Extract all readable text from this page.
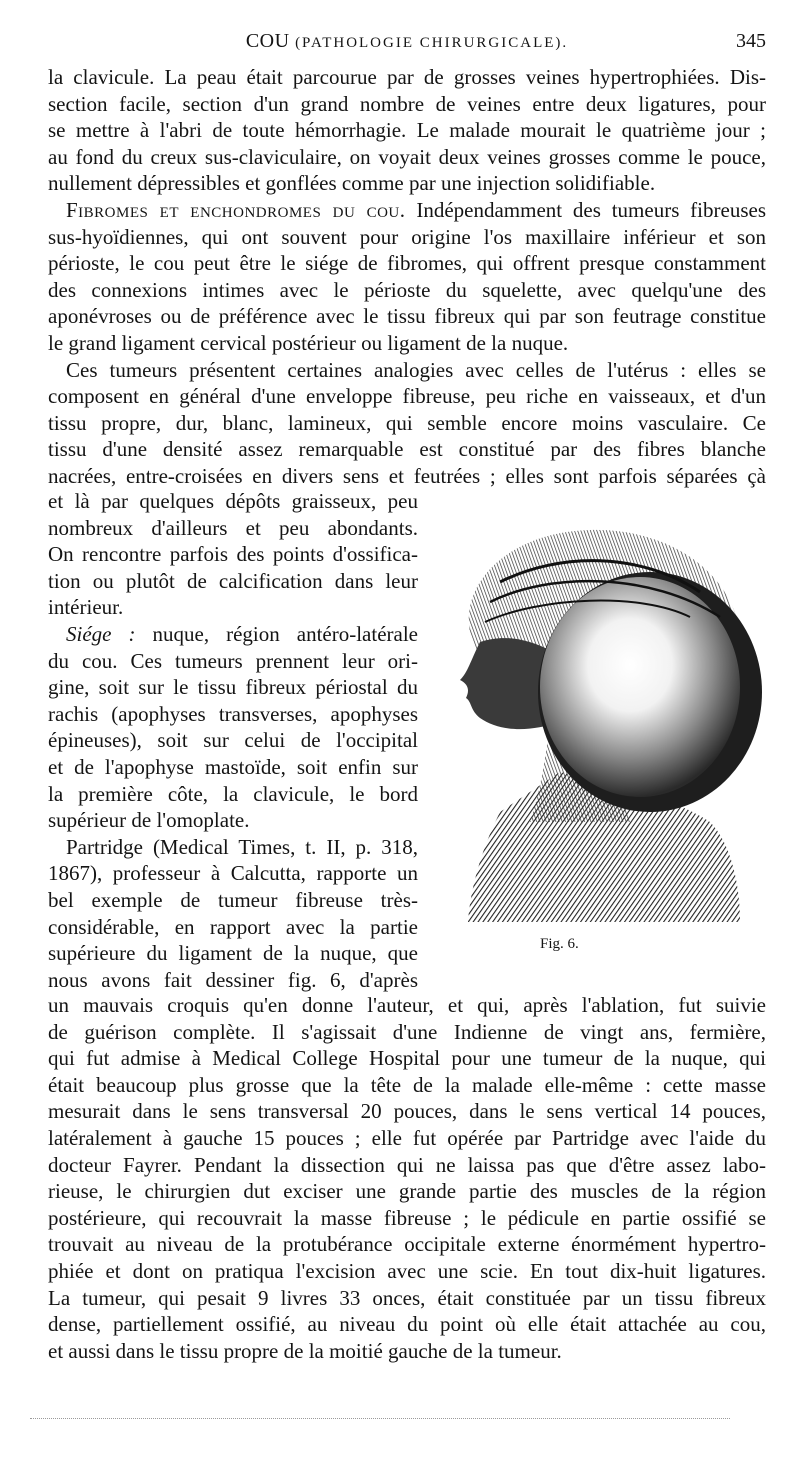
COU (PATHOLOGIE CHIRURGICALE).	345
la clavicule. La peau était parcourue par de grosses veines hypertrophiées. Dis-
section facile, section d'un grand nombre de veines entre deux ligatures, pour
se mettre à l'abri de toute hémorrhagie. Le malade mourait le quatrième jour ;
au fond du creux sus-claviculaire, on voyait deux veines grosses comme le pouce,
nullement dépressibles et gonflées comme par une injection solidifiable.
Fibromes et enchondromes du cou. Indépendamment des tumeurs fibreuses
sus-hyoïdiennes, qui ont souvent pour origine l'os maxillaire inférieur et son
périoste, le cou peut être le siége de fibromes, qui offrent presque constamment
des connexions intimes avec le périoste du squelette, avec quelqu'une des
aponévroses ou de préférence avec le tissu fibreux qui par son feutrage constitue
le grand ligament cervical postérieur ou ligament de la nuque.
Ces tumeurs présentent certaines analogies avec celles de l'utérus : elles se
composent en général d'une enveloppe fibreuse, peu riche en vaisseaux, et d'un
tissu propre, dur, blanc, lamineux, qui semble encore moins vasculaire. Ce
tissu d'une densité assez remarquable est constitué par des fibres blanche
nacrées, entre-croisées en divers sens et feutrées ; elles sont parfois séparées çà
et là par quelques dépôts graisseux, peu
nombreux d'ailleurs et peu abondants.
On rencontre parfois des points d'ossifica-
tion ou plutôt de calcification dans leur
intérieur.
Siége : nuque, région antéro-latérale
du cou. Ces tumeurs prennent leur ori-
gine, soit sur le tissu fibreux périostal du
rachis (apophyses transverses, apophyses
épineuses), soit sur celui de l'occipital
et de l'apophyse mastoïde, soit enfin sur
la première côte, la clavicule, le bord
supérieur de l'omoplate.
Partridge (Medical Times, t. II, p. 318,
1867), professeur à Calcutta, rapporte un
bel exemple de tumeur fibreuse très-
considérable, en rapport avec la partie
supérieure du ligament de la nuque, que
nous avons fait dessiner fig. 6, d'après
Fig. 6.
un mauvais croquis qu'en donne l'auteur, et qui, après l'ablation, fut suivie
de guérison complète. Il s'agissait d'une Indienne de vingt ans, fermière,
qui fut admise à Medical College Hospital pour une tumeur de la nuque, qui
était beaucoup plus grosse que la tête de la malade elle-même : cette masse
mesurait dans le sens transversal 20 pouces, dans le sens vertical 14 pouces,
latéralement à gauche 15 pouces ; elle fut opérée par Partridge avec l'aide du
docteur Fayrer. Pendant la dissection qui ne laissa pas que d'être assez labo-
rieuse, le chirurgien dut exciser une grande partie des muscles de la région
postérieure, qui recouvrait la masse fibreuse ; le pédicule en partie ossifié se
trouvait au niveau de la protubérance occipitale externe énormément hypertro-
phiée et dont on pratiqua l'excision avec une scie. En tout dix-huit ligatures.
La tumeur, qui pesait 9 livres 33 onces, était constituée par un tissu fibreux
dense, partiellement ossifié, au niveau du point où elle était attachée au cou,
et aussi dans le tissu propre de la moitié gauche de la tumeur.
